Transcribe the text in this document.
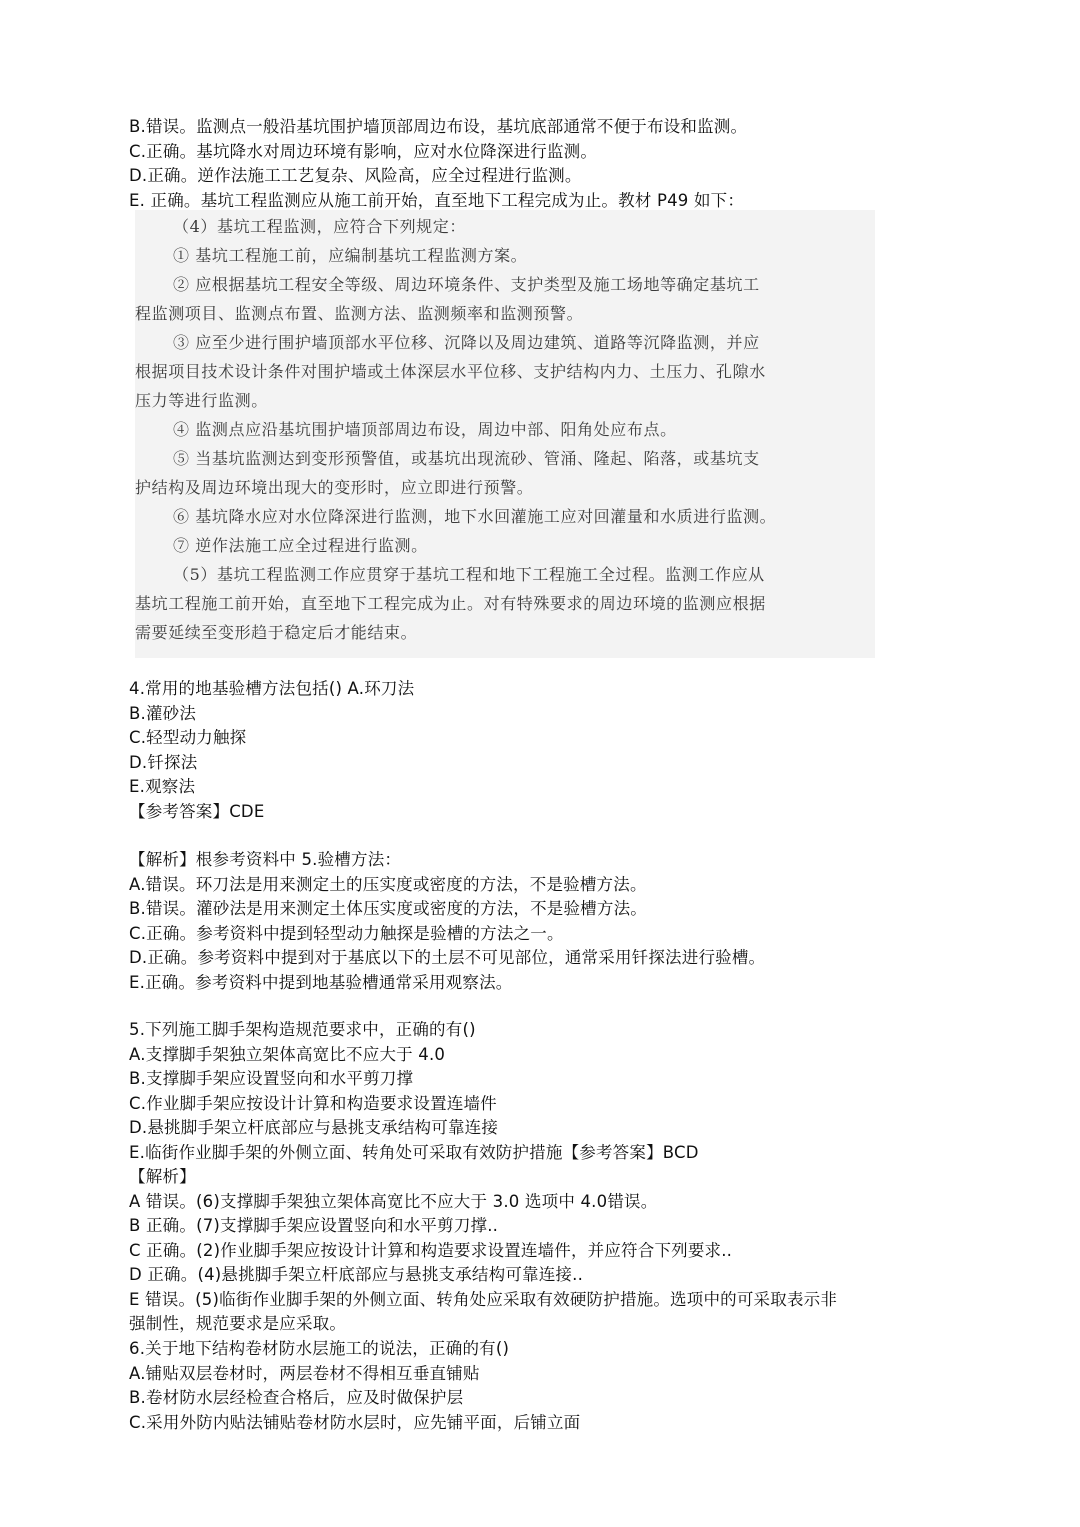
B.错误。监测点一般沿基坑围护墙顶部周边布设，基坑底部通常不便于布设和监测。
C.正确。基坑降水对周边环境有影响，应对水位降深进行监测。
D.正确。逆作法施工工艺复杂、风险高，应全过程进行监测。
E. 正确。基坑工程监测应从施工前开始，直至地下工程完成为止。教材 P49 如下：
（4）基坑工程监测，应符合下列规定：
① 基坑工程施工前，应编制基坑工程监测方案。
② 应根据基坑工程安全等级、周边环境条件、支护类型及施工场地等确定基坑工
程监测项目、监测点布置、监测方法、监测频率和监测预警。
③ 应至少进行围护墙顶部水平位移、沉降以及周边建筑、道路等沉降监测，并应
根据项目技术设计条件对围护墙或土体深层水平位移、支护结构内力、土压力、孔隙水
压力等进行监测。
④ 监测点应沿基坑围护墙顶部周边布设，周边中部、阳角处应布点。
⑤ 当基坑监测达到变形预警值，或基坑出现流砂、管涌、隆起、陷落，或基坑支
护结构及周边环境出现大的变形时，应立即进行预警。
⑥ 基坑降水应对水位降深进行监测，地下水回灌施工应对回灌量和水质进行监测。
⑦ 逆作法施工应全过程进行监测。
（5）基坑工程监测工作应贯穿于基坑工程和地下工程施工全过程。监测工作应从
基坑工程施工前开始，直至地下工程完成为止。对有特殊要求的周边环境的监测应根据
需要延续至变形趋于稳定后才能结束。
4.常用的地基验槽方法包括() A.环刀法
B.灌砂法
C.轻型动力触探
D.钎探法
E.观察法
【参考答案】CDE
【解析】根参考资料中 5.验槽方法：
A.错误。环刀法是用来测定土的压实度或密度的方法，不是验槽方法。
B.错误。灌砂法是用来测定土体压实度或密度的方法，不是验槽方法。
C.正确。参考资料中提到轻型动力触探是验槽的方法之一。
D.正确。参考资料中提到对于基底以下的土层不可见部位，通常采用钎探法进行验槽。
E.正确。参考资料中提到地基验槽通常采用观察法。
5.下列施工脚手架构造规范要求中，正确的有()
A.支撑脚手架独立架体高宽比不应大于 4.0
B.支撑脚手架应设置竖向和水平剪刀撑
C.作业脚手架应按设计计算和构造要求设置连墙件
D.悬挑脚手架立杆底部应与悬挑支承结构可靠连接
E.临街作业脚手架的外侧立面、转角处可采取有效防护措施【参考答案】BCD
【解析】
A 错误。(6)支撑脚手架独立架体高宽比不应大于 3.0 选项中 4.0错误。
B 正确。(7)支撑脚手架应设置竖向和水平剪刀撑..
C 正确。(2)作业脚手架应按设计计算和构造要求设置连墙件，并应符合下列要求..
D 正确。(4)悬挑脚手架立杆底部应与悬挑支承结构可靠连接..
E 错误。(5)临街作业脚手架的外侧立面、转角处应采取有效硬防护措施。选项中的可采取表示非
强制性，规范要求是应采取。
6.关于地下结构卷材防水层施工的说法，正确的有()
A.铺贴双层卷材时，两层卷材不得相互垂直铺贴
B.卷材防水层经检查合格后，应及时做保护层
C.采用外防内贴法铺贴卷材防水层时，应先铺平面，后铺立面
